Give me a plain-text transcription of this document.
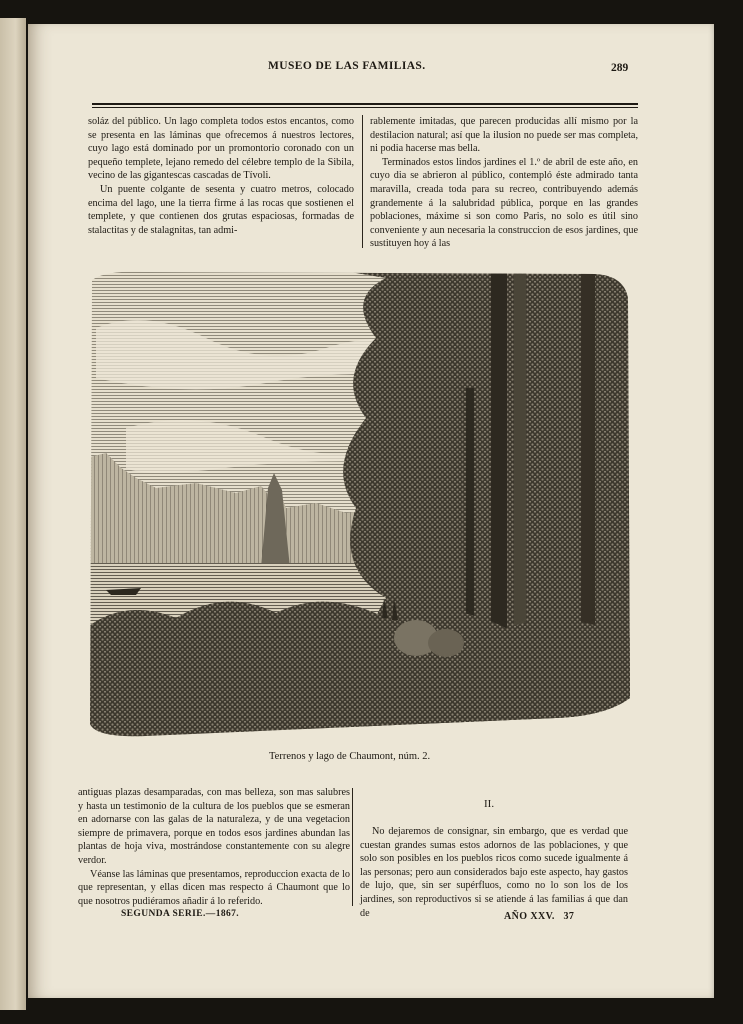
MUSEO DE LAS FAMILIAS.	289

soláz del público. Un lago completa todos estos encantos, como se presenta en las láminas que ofrecemos á nuestros lectores, cuyo lago está dominado por un promontorio coronado con un pequeño templete, lejano remedo del célebre templo de la Sibila, vecino de las gigantescas cascadas de Tívoli.

Un puente colgante de sesenta y cuatro metros, colocado encima del lago, une la tierra firme á las rocas que sostienen el templete, y que contienen dos grutas espaciosas, formadas de stalactitas y de stalagnitas, tan admi-

rablemente imitadas, que parecen producidas allí mismo por la destilacion natural; así que la ilusion no puede ser mas completa, ni podia hacerse mas bella.

Terminados estos lindos jardines el 1.º de abril de este año, en cuyo dia se abrieron al público, contempló éste admirado tanta maravilla, creada toda para su recreo, contribuyendo además grandemente á la salubridad pública, porque en las grandes poblaciones, máxime si son como Paris, no solo es útil sino conveniente y aun necesaria la construccion de esos jardines, que sustituyen hoy á las

Terrenos y lago de Chaumont, núm. 2.

antiguas plazas desamparadas, con mas belleza, son mas salubres y hasta un testimonio de la cultura de los pueblos que se esmeran en adornarse con las galas de la naturaleza, y de una vegetacion siempre de primavera, porque en todos esos jardines abundan las plantas de hoja viva, mostrándose constantemente con su alegre verdor.

Véanse las láminas que presentamos, reproduccion exacta de lo que representan, y ellas dicen mas respecto á Chaumont que lo que nosotros pudiéramos añadir á lo referido.

II.

No dejaremos de consignar, sin embargo, que es verdad que cuestan grandes sumas estos adornos de las poblaciones, y que solo son posibles en los pueblos ricos como sucede igualmente á las personas; pero aun considerados bajo este aspecto, hay gastos de lujo, que, sin ser supérfluos, como no lo son los de los jardines, son reproductivos si se atiende á las familias á que dan de

SEGUNDA SERIE.—1867.	AÑO XXV. 37
